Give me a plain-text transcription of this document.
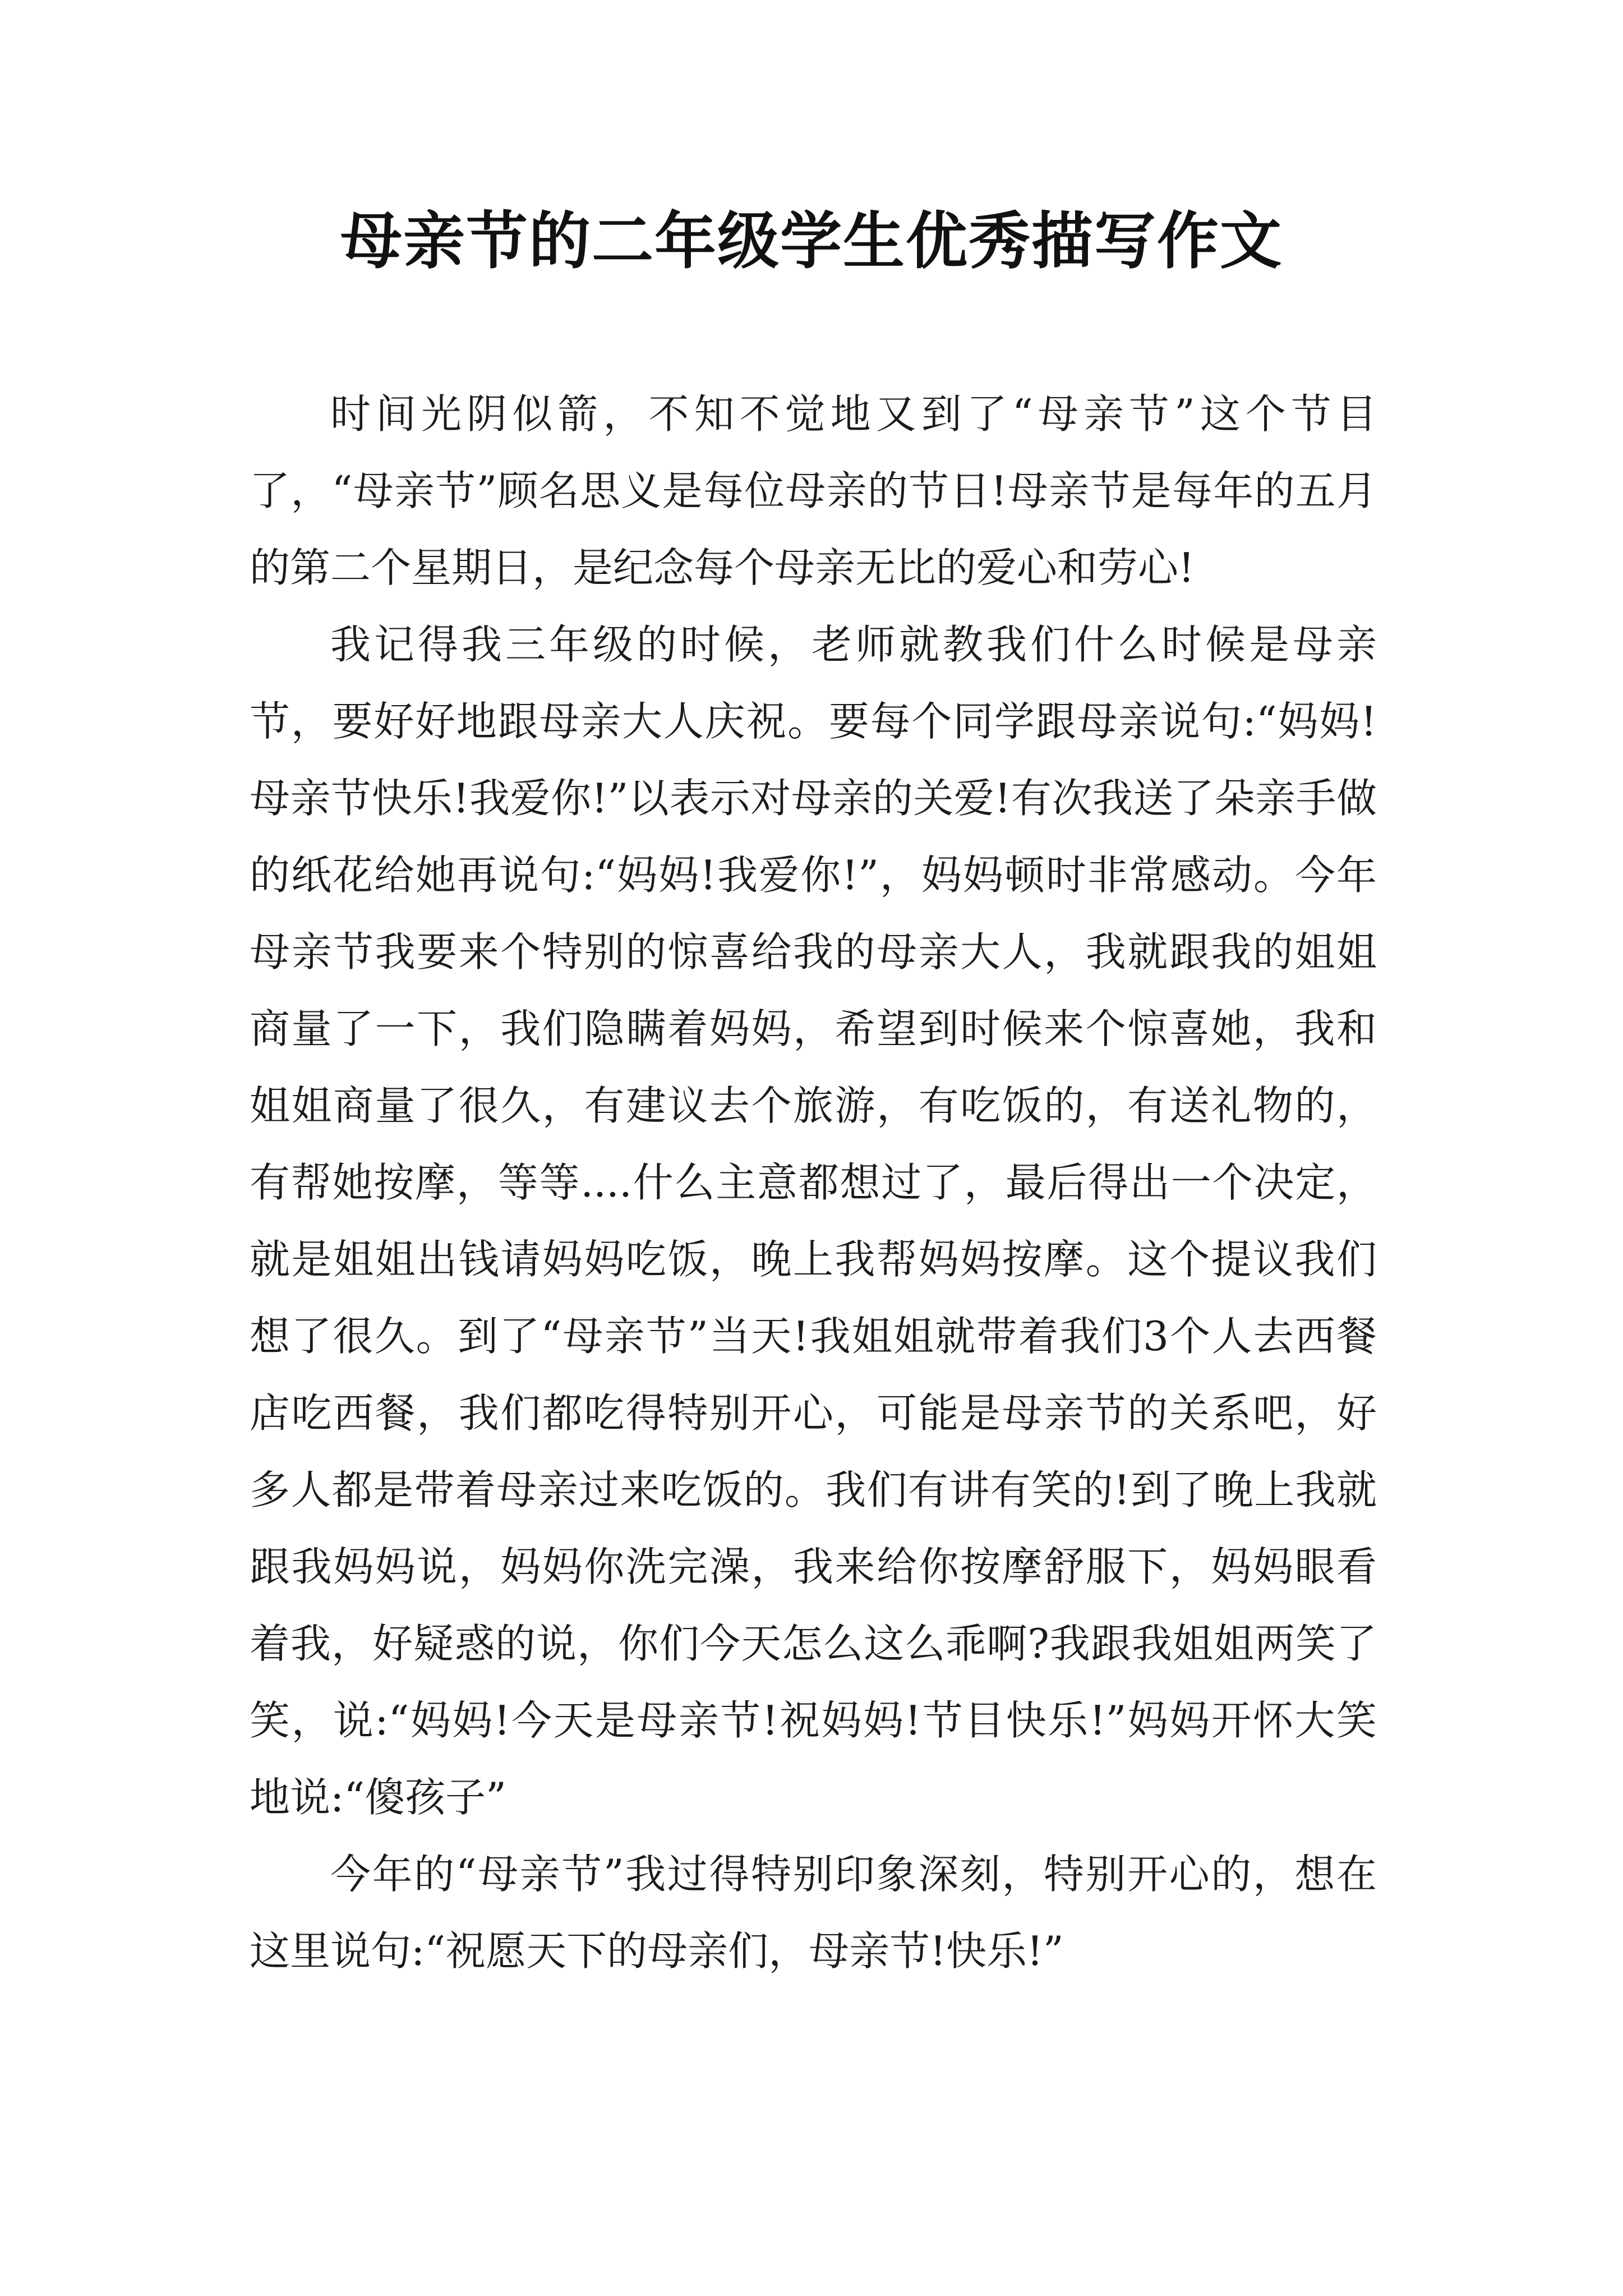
母亲节的二年级学生优秀描写作文

时间光阴似箭，不知不觉地又到了“母亲节”这个节目了，“母亲节”顾名思义是每位母亲的节日!母亲节是每年的五月的第二个星期日，是纪念每个母亲无比的爱心和劳心!

我记得我三年级的时候，老师就教我们什么时候是母亲节，要好好地跟母亲大人庆祝。要每个同学跟母亲说句:“妈妈!母亲节快乐!我爱你!”以表示对母亲的关爱!有次我送了朵亲手做的纸花给她再说句:“妈妈!我爱你!”，妈妈顿时非常感动。今年母亲节我要来个特别的惊喜给我的母亲大人，我就跟我的姐姐商量了一下，我们隐瞒着妈妈，希望到时候来个惊喜她，我和姐姐商量了很久，有建议去个旅游，有吃饭的，有送礼物的，有帮她按摩，等等....什么主意都想过了，最后得出一个决定，就是姐姐出钱请妈妈吃饭，晚上我帮妈妈按摩。这个提议我们想了很久。到了“母亲节”当天!我姐姐就带着我们3个人去西餐店吃西餐，我们都吃得特别开心，可能是母亲节的关系吧，好多人都是带着母亲过来吃饭的。我们有讲有笑的!到了晚上我就跟我妈妈说，妈妈你洗完澡，我来给你按摩舒服下，妈妈眼看着我，好疑惑的说，你们今天怎么这么乖啊?我跟我姐姐两笑了笑，说:“妈妈!今天是母亲节!祝妈妈!节目快乐!”妈妈开怀大笑地说:“傻孩子”

今年的“母亲节”我过得特别印象深刻，特别开心的，想在这里说句:“祝愿天下的母亲们，母亲节!快乐!”
